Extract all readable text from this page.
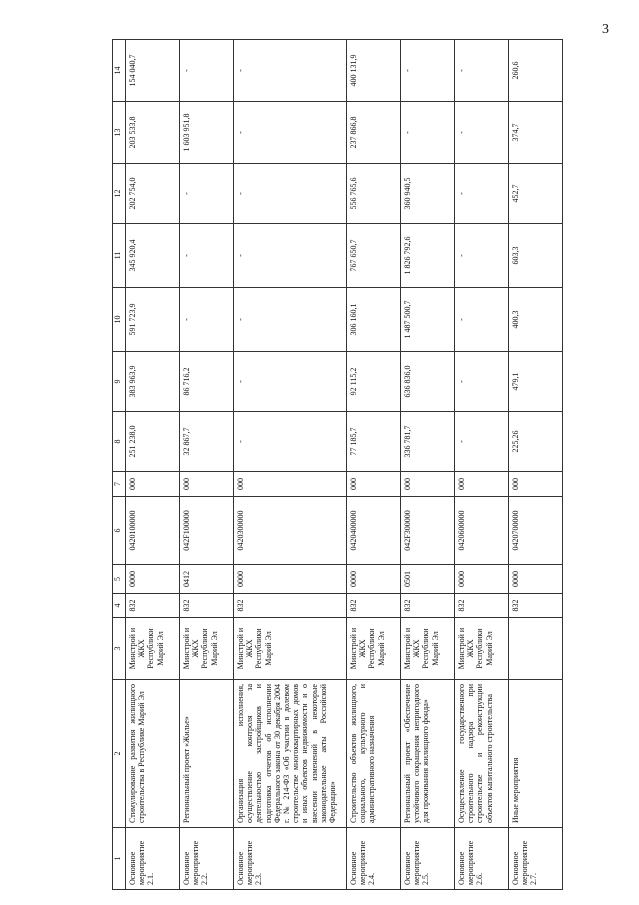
3
1	2	3	4	5	6	7	8	9	10	11	12	13	14
Основное мероприятие 2.1.	Стимулирование развития жилищного строительства в Республике Марий Эл	Минстрой и ЖКХ Республики Марий Эл	832	0000	0420100000	000	251 238,0	383 963,9	591 723,9	345 920,4	202 754,0	203 533,8	154 040,7
Основное мероприятие 2.2.	Региональный проект «Жилье»	Минстрой и ЖКХ Республики Марий Эл	832	0412	042F100000	000	32 867,7	86 716,2	-	-	-	1 603 951,8	-
Основное мероприятие 2.3.	Организация исполнения, осуществление контроля за деятельностью застройщиков и подготовка отчетов об исполнении Федерального закона от 30 декабря 2004 г. № 214-ФЗ «Об участии в долевом строительстве многоквартирных домов и иных объектов недвижимости и о внесении изменений в некоторые законодательные акты Российской Федерации»	Минстрой и ЖКХ Республики Марий Эл	832	0000	0420300000	000	-	-	-	-	-	-	-
Основное мероприятие 2.4.	Строительство объектов жилищного, социального, культурного и административного назначения	Минстрой и ЖКХ Республики Марий Эл	832	0000	0420400000	000	77 185,7	92 115,2	306 160,1	767 650,7	556 765,6	237 866,8	400 131,9
Основное мероприятие 2.5.	Региональный проект «Обеспечение устойчивого сокращения непригодного для проживания жилищного фонда»	Минстрой и ЖКХ Республики Марий Эл	832	0501	042F300000	000	336 781,7	636 836,0	1 487 500,7	1 826 792,6	360 940,5	-	-
Основное мероприятие 2.6.	Осуществление государственного строительного надзора при строительстве и реконструкции объектов капитального строительства	Минстрой и ЖКХ Республики Марий Эл	832	0000	0420600000	000	-	-	-	-	-	-	-
Основное мероприятие 2.7.	Иные мероприятия		832	0000	0420700000	000	225,26	479,1	400,3	603,3	452,7	374,7	260,6
